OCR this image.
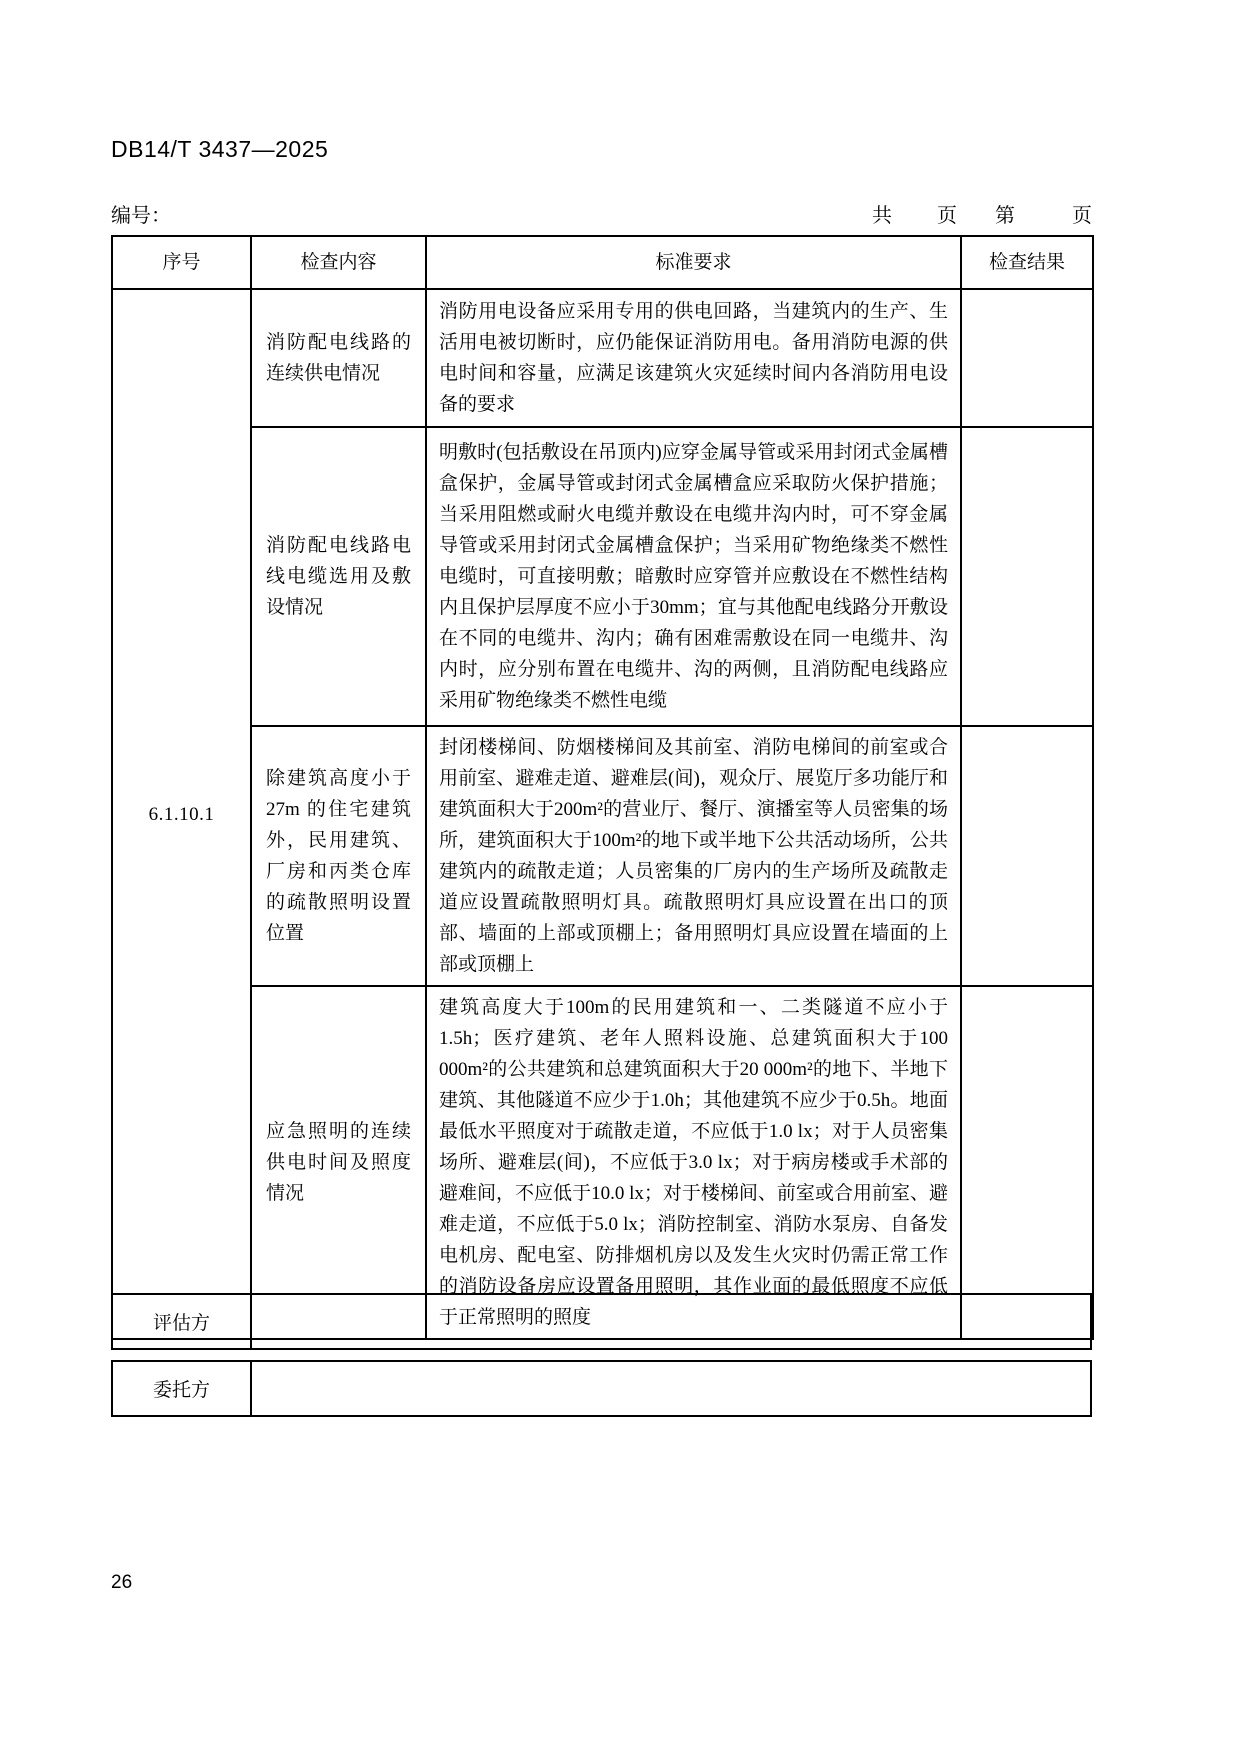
DB14/T 3437—2025
编号：	共 页 第	页
序号	检查内容	标准要求	检查结果
6.1.10.1	消防配电线路的连续供电情况	消防用电设备应采用专用的供电回路，当建筑内的生产、生活用电被切断时，应仍能保证消防用电。备用消防电源的供电时间和容量，应满足该建筑火灾延续时间内各消防用电设备的要求	
	消防配电线路电线电缆选用及敷设情况	明敷时(包括敷设在吊顶内)应穿金属导管或采用封闭式金属槽盒保护，金属导管或封闭式金属槽盒应采取防火保护措施；当采用阻燃或耐火电缆并敷设在电缆井沟内时，可不穿金属导管或采用封闭式金属槽盒保护；当采用矿物绝缘类不燃性电缆时，可直接明敷；暗敷时应穿管并应敷设在不燃性结构内且保护层厚度不应小于30mm；宜与其他配电线路分开敷设在不同的电缆井、沟内；确有困难需敷设在同一电缆井、沟内时，应分别布置在电缆井、沟的两侧，且消防配电线路应采用矿物绝缘类不燃性电缆	
	除建筑高度小于27m 的住宅建筑外，民用建筑、厂房和丙类仓库的疏散照明设置位置	封闭楼梯间、防烟楼梯间及其前室、消防电梯间的前室或合用前室、避难走道、避难层(间)，观众厅、展览厅多功能厅和建筑面积大于200m²的营业厅、餐厅、演播室等人员密集的场所，建筑面积大于100m²的地下或半地下公共活动场所，公共建筑内的疏散走道；人员密集的厂房内的生产场所及疏散走道应设置疏散照明灯具。疏散照明灯具应设置在出口的顶部、墙面的上部或顶棚上；备用照明灯具应设置在墙面的上部或顶棚上	
	应急照明的连续供电时间及照度情况	建筑高度大于100m的民用建筑和一、二类隧道不应小于1.5h；医疗建筑、老年人照料设施、总建筑面积大于100 000m²的公共建筑和总建筑面积大于20 000m²的地下、半地下建筑、其他隧道不应少于1.0h；其他建筑不应少于0.5h。地面最低水平照度对于疏散走道，不应低于1.0 lx；对于人员密集场所、避难层(间)，不应低于3.0 lx；对于病房楼或手术部的避难间，不应低于10.0 lx；对于楼梯间、前室或合用前室、避难走道，不应低于5.0 lx；消防控制室、消防水泵房、自备发电机房、配电室、防排烟机房以及发生火灾时仍需正常工作的消防设备房应设置备用照明，其作业面的最低照度不应低于正常照明的照度	
评估方
委托方
26
